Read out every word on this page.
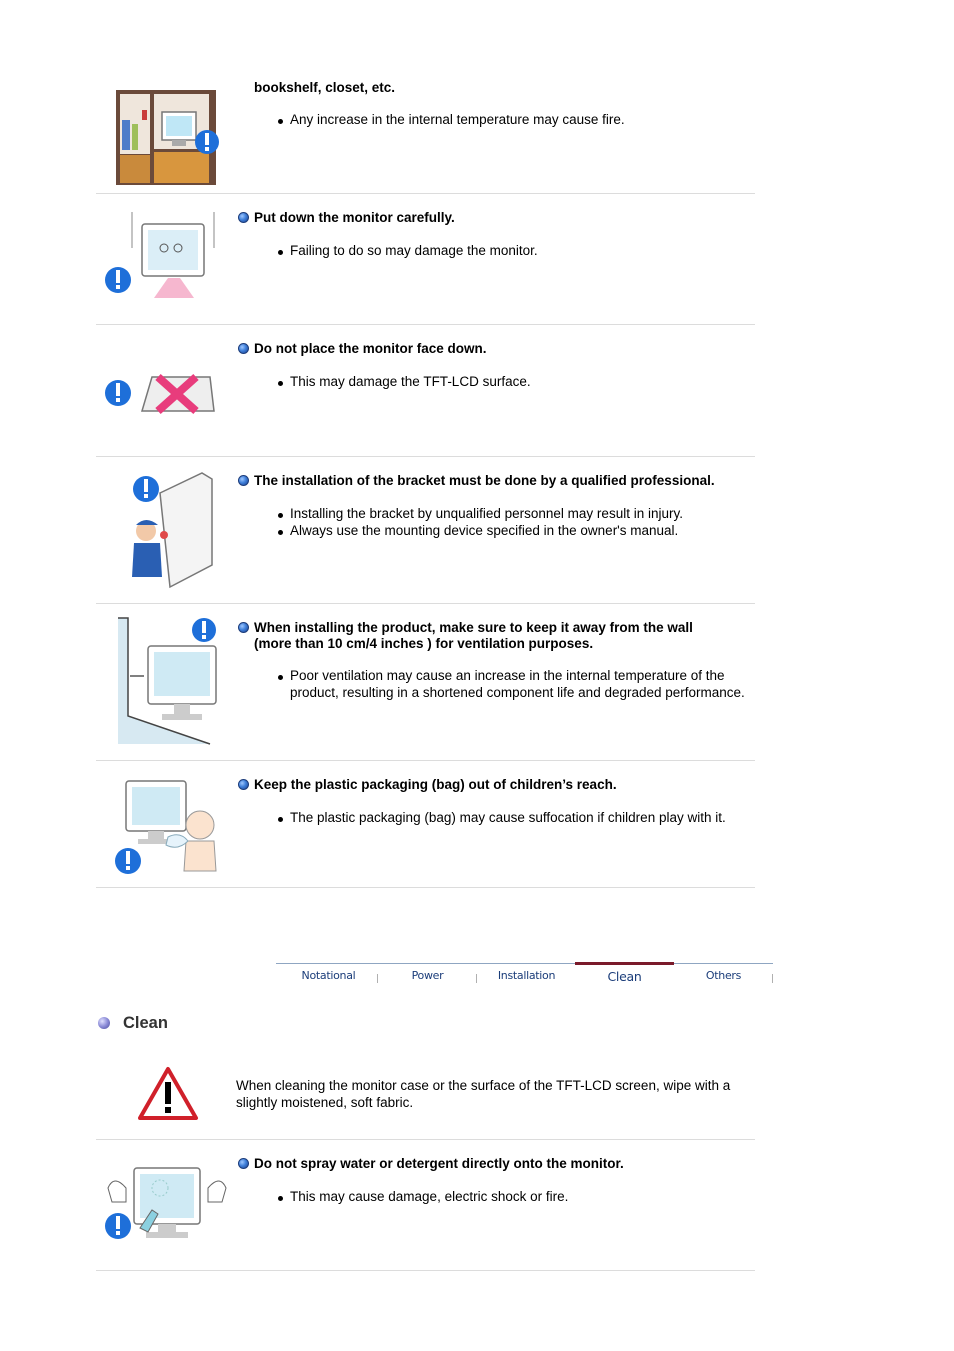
bookshelf, closet, etc.
Any increase in the internal temperature may cause fire.
Put down the monitor carefully.
Failing to do so may damage the monitor.
Do not place the monitor face down.
This may damage the TFT-LCD surface.
The installation of the bracket must be done by a qualified professional.
Installing the bracket by unqualified personnel may result in injury.
Always use the mounting device specified in the owner's manual.
When installing the product, make sure to keep it away from the wall
(more than 10 cm/4 inches ) for ventilation purposes.
Poor ventilation may cause an increase in the internal temperature of the product, resulting in a shortened component life and degraded performance.
Keep the plastic packaging (bag) out of children’s reach.
The plastic packaging (bag) may cause suffocation if children play with it.
Notational	Power	Installation	Clean	Others
Clean
When cleaning the monitor case or the surface of the TFT-LCD screen, wipe with a slightly moistened, soft fabric.
Do not spray water or detergent directly onto the monitor.
This may cause damage, electric shock or fire.
